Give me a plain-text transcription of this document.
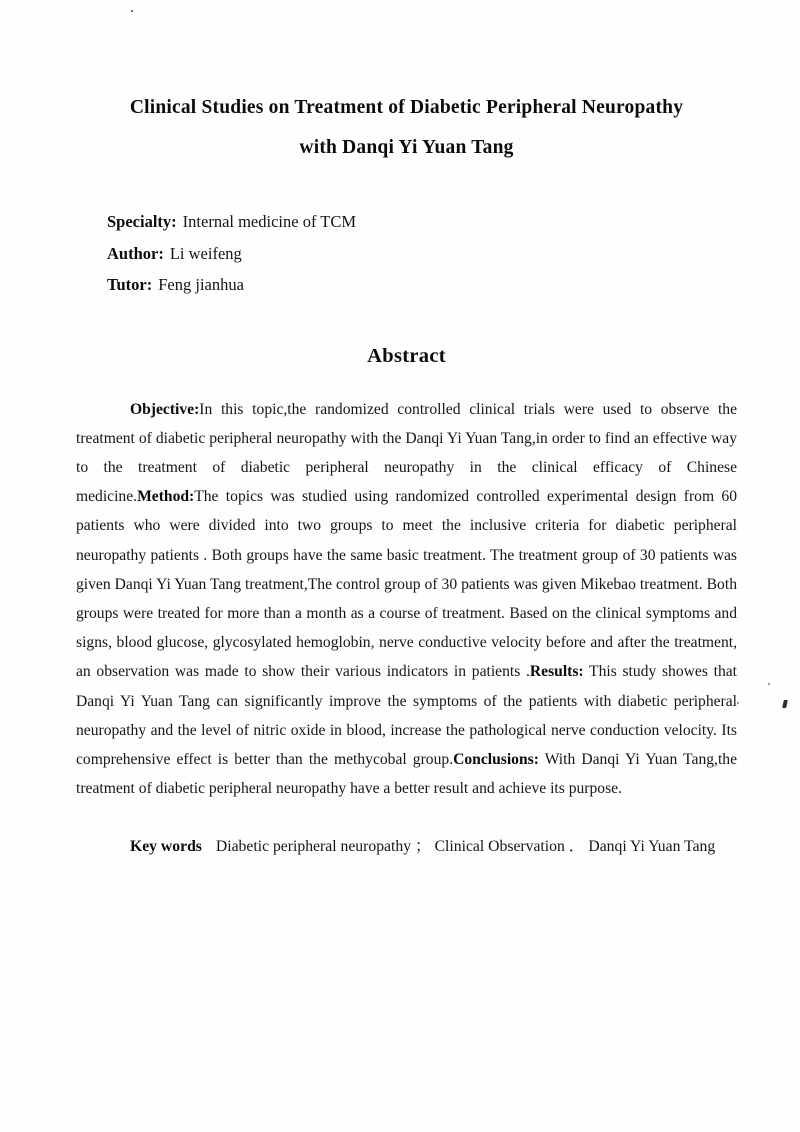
Clinical Studies on Treatment of Diabetic Peripheral Neuropathy
with Danqi Yi Yuan Tang
Specialty: Internal medicine of TCM
Author: Li weifeng
Tutor: Feng jianhua
Abstract

Objective:In this topic,the randomized controlled clinical trials were used to observe the treatment of diabetic peripheral neuropathy with the Danqi Yi Yuan Tang,in order to find an effective way to the treatment of diabetic peripheral neuropathy in the clinical efficacy of Chinese medicine.Method:The topics was studied using randomized controlled experimental design from 60 patients who were divided into two groups to meet the inclusive criteria for diabetic peripheral neuropathy patients . Both groups have the same basic treatment. The treatment group of 30 patients was given Danqi Yi Yuan Tang treatment,The control group of 30 patients was given Mikebao treatment. Both groups were treated for more than a month as a course of treatment. Based on the clinical symptoms and signs, blood glucose, glycosylated hemoglobin, nerve conductive velocity before and after the treatment, an observation was made to show their various indicators in patients .Results: This study showes that Danqi Yi Yuan Tang can significantly improve the symptoms of the patients with diabetic peripheral neuropathy and the level of nitric oxide in blood, increase the pathological nerve conduction velocity. Its comprehensive effect is better than the methycobal group.Conclusions: With Danqi Yi Yuan Tang,the treatment of diabetic peripheral neuropathy have a better result and achieve its purpose.

Key words Diabetic peripheral neuropathy ； Clinical Observation ． Danqi Yi Yuan Tang
